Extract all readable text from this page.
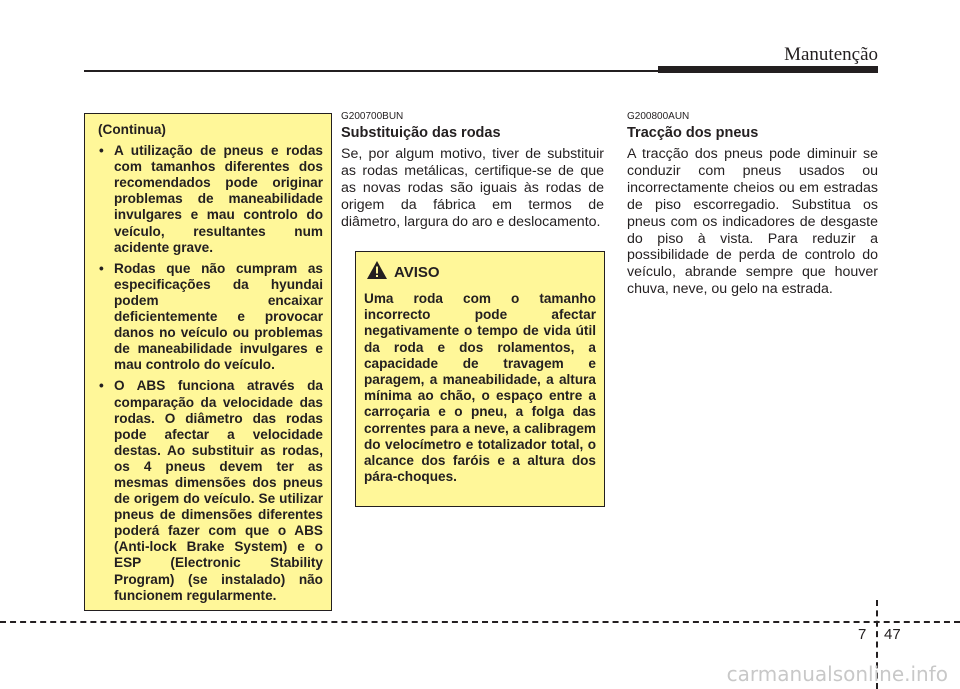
Manutenção
(Continua)
• A utilização de pneus e rodas com tamanhos diferentes dos recomendados pode originar problemas de maneabilidade invulgares e mau controlo do veículo, resultantes num acidente grave.
• Rodas que não cumpram as especificações da hyundai podem encaixar deficientemente e provocar danos no veículo ou problemas de maneabilidade invulgares e mau controlo do veículo.
• O ABS funciona através da comparação da velocidade das rodas. O diâmetro das rodas pode afectar a velocidade destas. Ao substituir as rodas, os 4 pneus devem ter as mesmas dimensões dos pneus de origem do veículo. Se utilizar pneus de dimensões diferentes poderá fazer com que o ABS (Anti-lock Brake System) e o ESP (Electronic Stability Program) (se instalado) não funcionem regularmente.
G200700BUN
Substituição das rodas
Se, por algum motivo, tiver de substituir as rodas metálicas, certifique-se de que as novas rodas são iguais às rodas de origem da fábrica em termos de diâmetro, largura do aro e deslocamento.
AVISO
Uma roda com o tamanho incorrecto pode afectar negativamente o tempo de vida útil da roda e dos rolamentos, a capacidade de travagem e paragem, a maneabilidade, a altura mínima ao chão, o espaço entre a carroçaria e o pneu, a folga das correntes para a neve, a calibragem do velocímetro e totalizador total, o alcance dos faróis e a altura dos pára-choques.
G200800AUN
Tracção dos pneus
A tracção dos pneus pode diminuir se conduzir com pneus usados ou incorrectamente cheios ou em estradas de piso escorregadio. Substitua os pneus com os indicadores de desgaste do piso à vista. Para reduzir a possibilidade de perda de controlo do veículo, abrande sempre que houver chuva, neve, ou gelo na estrada.
7 47
carmanualsonline.info
